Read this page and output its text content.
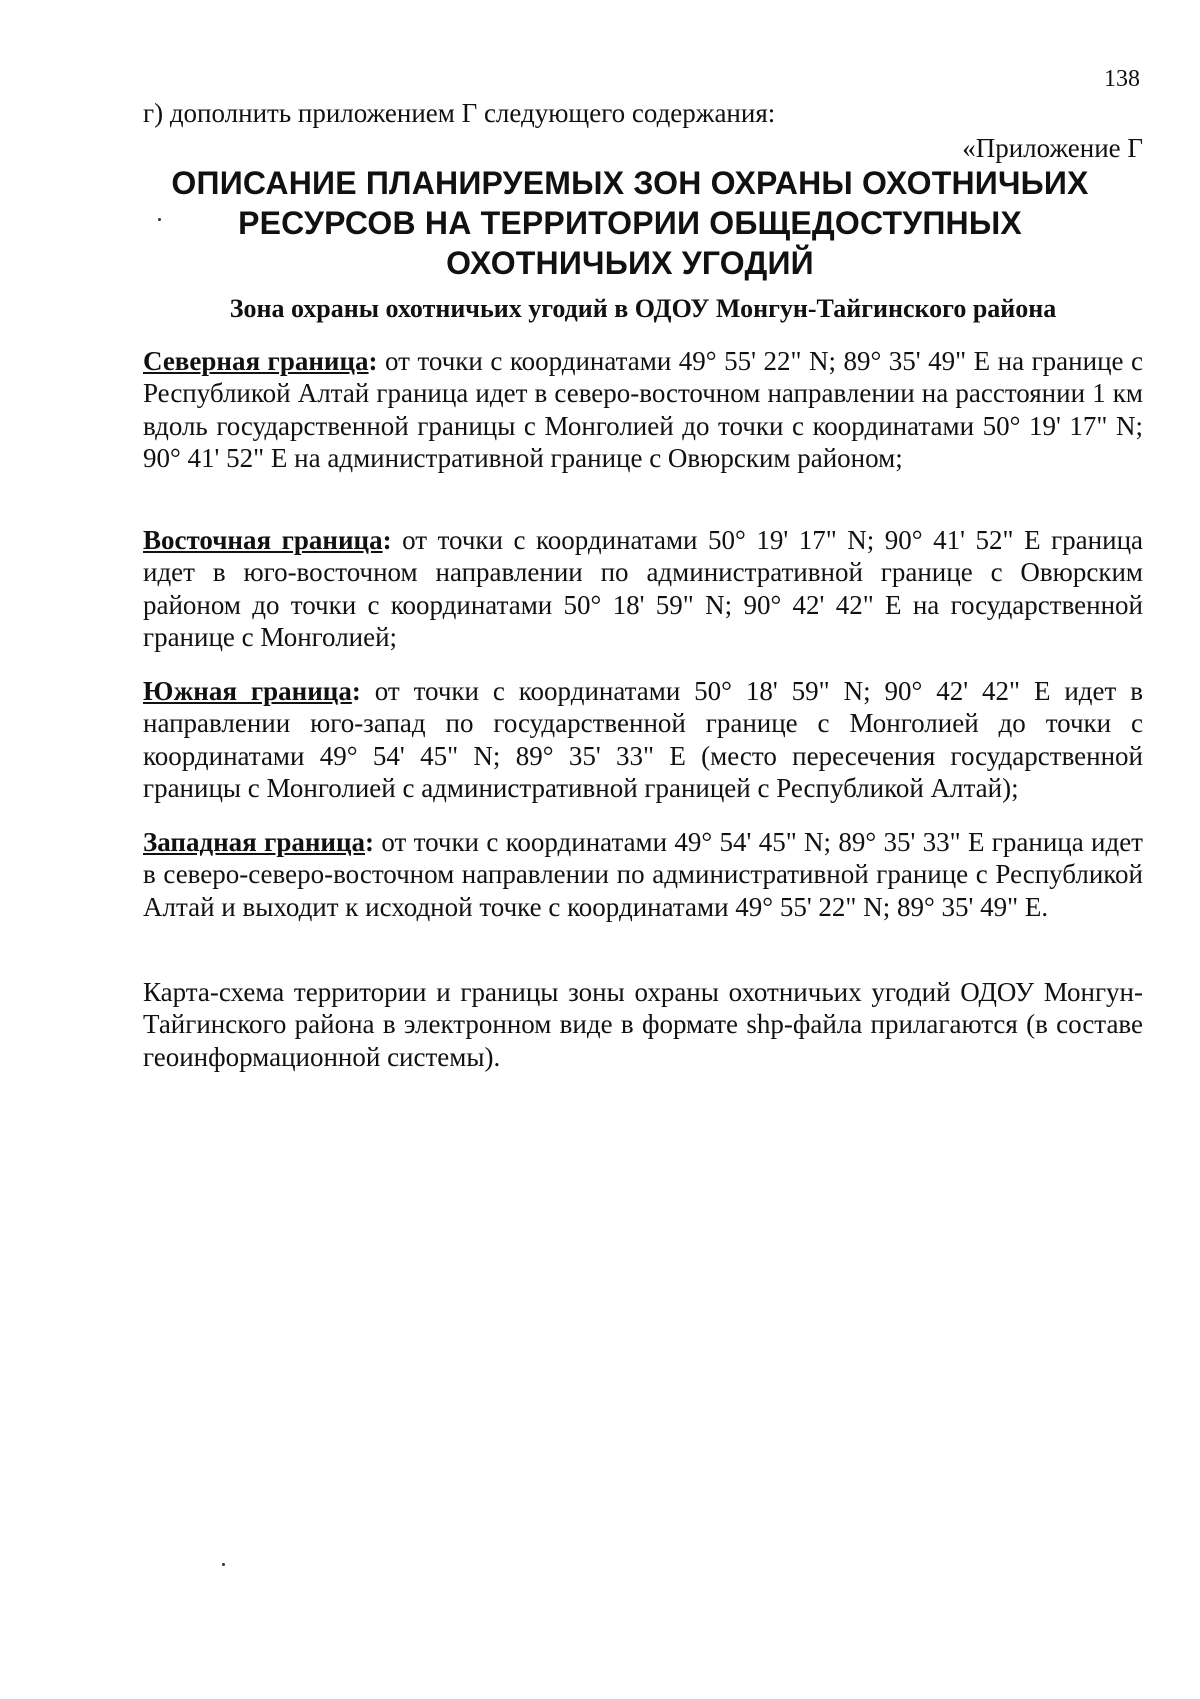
138
г) дополнить приложением Г следующего содержания:
«Приложение Г
ОПИСАНИЕ ПЛАНИРУЕМЫХ ЗОН ОХРАНЫ ОХОТНИЧЬИХ
РЕСУРСОВ НА ТЕРРИТОРИИ ОБЩЕДОСТУПНЫХ
ОХОТНИЧЬИХ УГОДИЙ
Зона охраны охотничьих угодий в ОДОУ Монгун-Тайгинского района

Северная граница: от точки с координатами 49° 55' 22" N; 89° 35' 49" E на границе с Республикой Алтай граница идет в северо-восточном направлении на расстоянии 1 км вдоль государственной границы с Монголией до точки с координатами 50° 19' 17" N; 90° 41' 52" E на административной границе с Овюрским районом;

Восточная граница: от точки с координатами 50° 19' 17" N; 90° 41' 52" E граница идет в юго-восточном направлении по административной границе с Овюрским районом до точки с координатами 50° 18' 59" N; 90° 42' 42" E на государственной границе с Монголией;

Южная граница: от точки с координатами 50° 18' 59" N; 90° 42' 42" E идет в направлении юго-запад по государственной границе с Монголией до точки с координатами 49° 54' 45" N; 89° 35' 33" E (место пересечения государственной границы с Монголией с административной границей с Республикой Алтай);

Западная граница: от точки с координатами 49° 54' 45" N; 89° 35' 33" E граница идет в северо-северо-восточном направлении по административной границе с Республикой Алтай и выходит к исходной точке с координатами 49° 55' 22" N; 89° 35' 49" E.

Карта-схема территории и границы зоны охраны охотничьих угодий ОДОУ Монгун-Тайгинского района в электронном виде в формате shp-файла прилагаются (в составе геоинформационной системы).
